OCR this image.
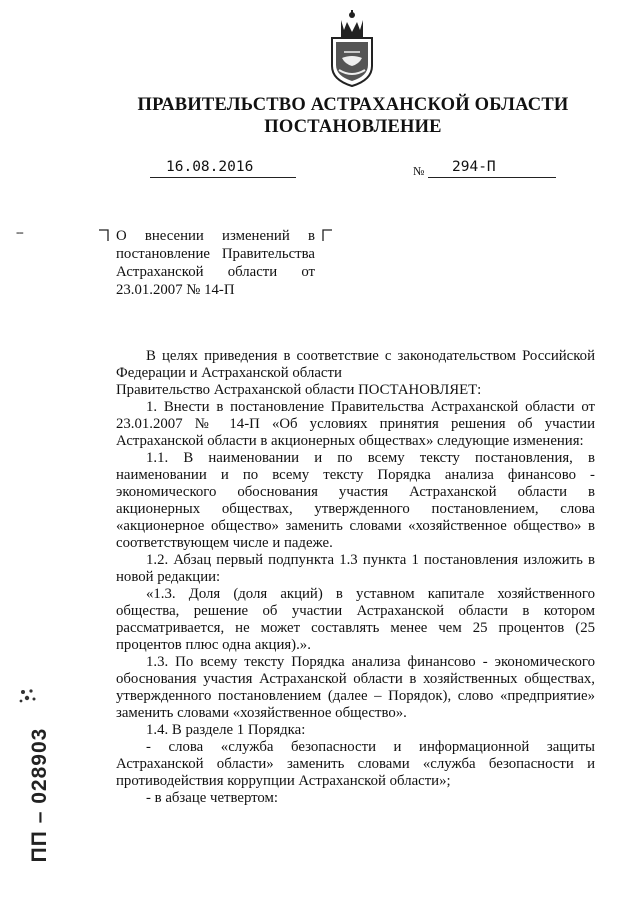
ПРАВИТЕЛЬСТВО АСТРАХАНСКОЙ ОБЛАСТИ
ПОСТАНОВЛЕНИЕ
16.08.2016	№ 294-П
--	О внесении изменений в
постановление Правительства
Астраханской области от
23.01.2007 № 14-П

В целях приведения в соответствие с законодательством Российской Федерации и Астраханской области

Правительство Астраханской области ПОСТАНОВЛЯЕТ:

1. Внести в постановление Правительства Астраханской области от 23.01.2007 № 14-П «Об условиях принятия решения об участии Астраханской области в акционерных обществах» следующие изменения:

1.1. В наименовании и по всему тексту постановления, в наименовании и по всему тексту Порядка анализа финансово - экономического обоснования участия Астраханской области в акционерных обществах, утвержденного постановлением, слова «акционерное общество» заменить словами «хозяйственное общество» в соответствующем числе и падеже.

1.2. Абзац первый подпункта 1.3 пункта 1 постановления изложить в новой редакции:

«1.3. Доля (доля акций) в уставном капитале хозяйственного общества, решение об участии Астраханской области в котором рассматривается, не может составлять менее чем 25 процентов (25 процентов плюс одна акция).».

1.3. По всему тексту Порядка анализа финансово - экономического обоснования участия Астраханской области в хозяйственных обществах, утвержденного постановлением (далее – Порядок), слово «предприятие» заменить словами «хозяйственное общество».

1.4. В разделе 1 Порядка:

- слова «служба безопасности и информационной защиты Астраханской области» заменить словами «служба безопасности и противодействия коррупции Астраханской области»;

- в абзаце четвертом:

ПП – 028903
